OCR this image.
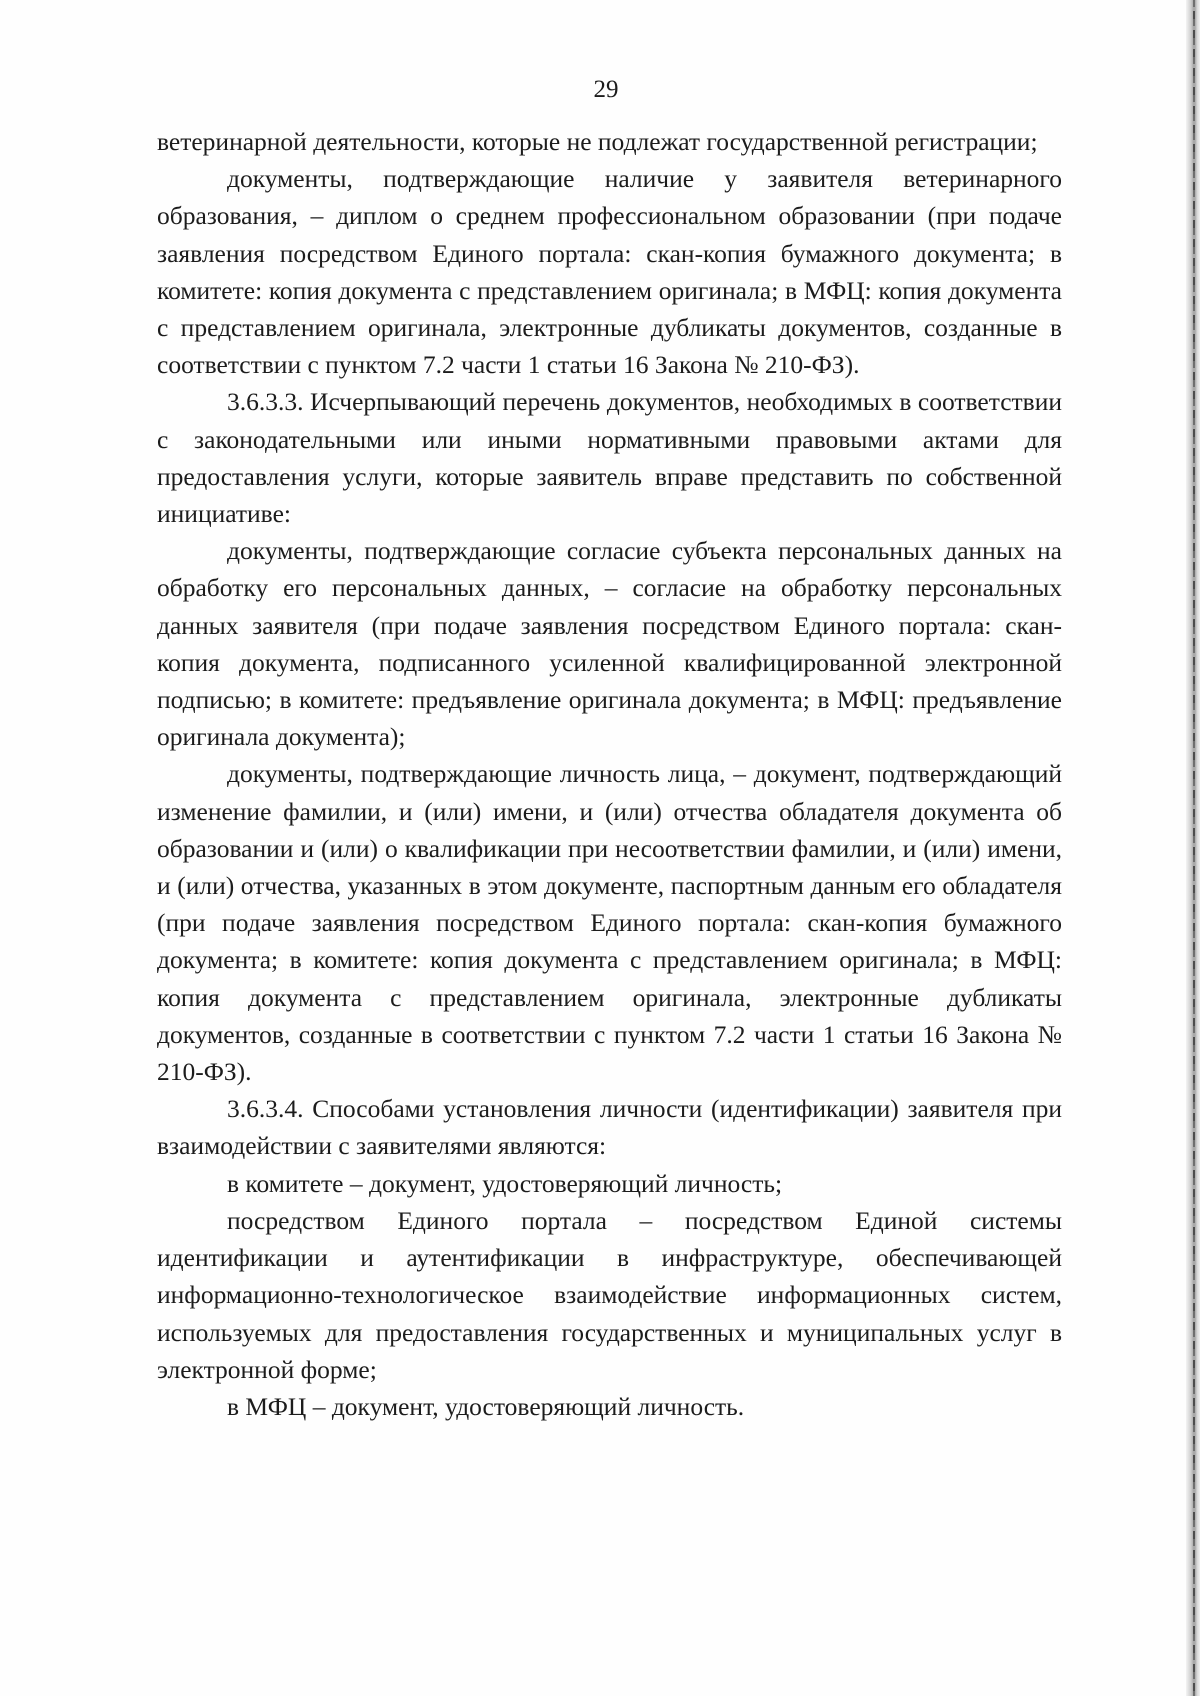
29

ветеринарной деятельности, которые не подлежат государственной регистрации;

документы, подтверждающие наличие у заявителя ветеринарного образования, – диплом о среднем профессиональном образовании (при подаче заявления посредством Единого портала: скан-копия бумажного документа; в комитете: копия документа с представлением оригинала; в МФЦ: копия документа с представлением оригинала, электронные дубликаты документов, созданные в соответствии с пунктом 7.2 части 1 статьи 16 Закона № 210-ФЗ).

3.6.3.3. Исчерпывающий перечень документов, необходимых в соответствии с законодательными или иными нормативными правовыми актами для предоставления услуги, которые заявитель вправе представить по собственной инициативе:

документы, подтверждающие согласие субъекта персональных данных на обработку его персональных данных, – согласие на обработку персональных данных заявителя (при подаче заявления посредством Единого портала: скан-копия документа, подписанного усиленной квалифицированной электронной подписью; в комитете: предъявление оригинала документа; в МФЦ: предъявление оригинала документа);

документы, подтверждающие личность лица, – документ, подтверждающий изменение фамилии, и (или) имени, и (или) отчества обладателя документа об образовании и (или) о квалификации при несоответствии фамилии, и (или) имени, и (или) отчества, указанных в этом документе, паспортным данным его обладателя (при подаче заявления посредством Единого портала: скан-копия бумажного документа; в комитете: копия документа с представлением оригинала; в МФЦ: копия документа с представлением оригинала, электронные дубликаты документов, созданные в соответствии с пунктом 7.2 части 1 статьи 16 Закона № 210-ФЗ).

3.6.3.4. Способами установления личности (идентификации) заявителя при взаимодействии с заявителями являются:

в комитете – документ, удостоверяющий личность;

посредством Единого портала – посредством Единой системы идентификации и аутентификации в инфраструктуре, обеспечивающей информационно-технологическое взаимодействие информационных систем, используемых для предоставления государственных и муниципальных услуг в электронной форме;

в МФЦ – документ, удостоверяющий личность.
